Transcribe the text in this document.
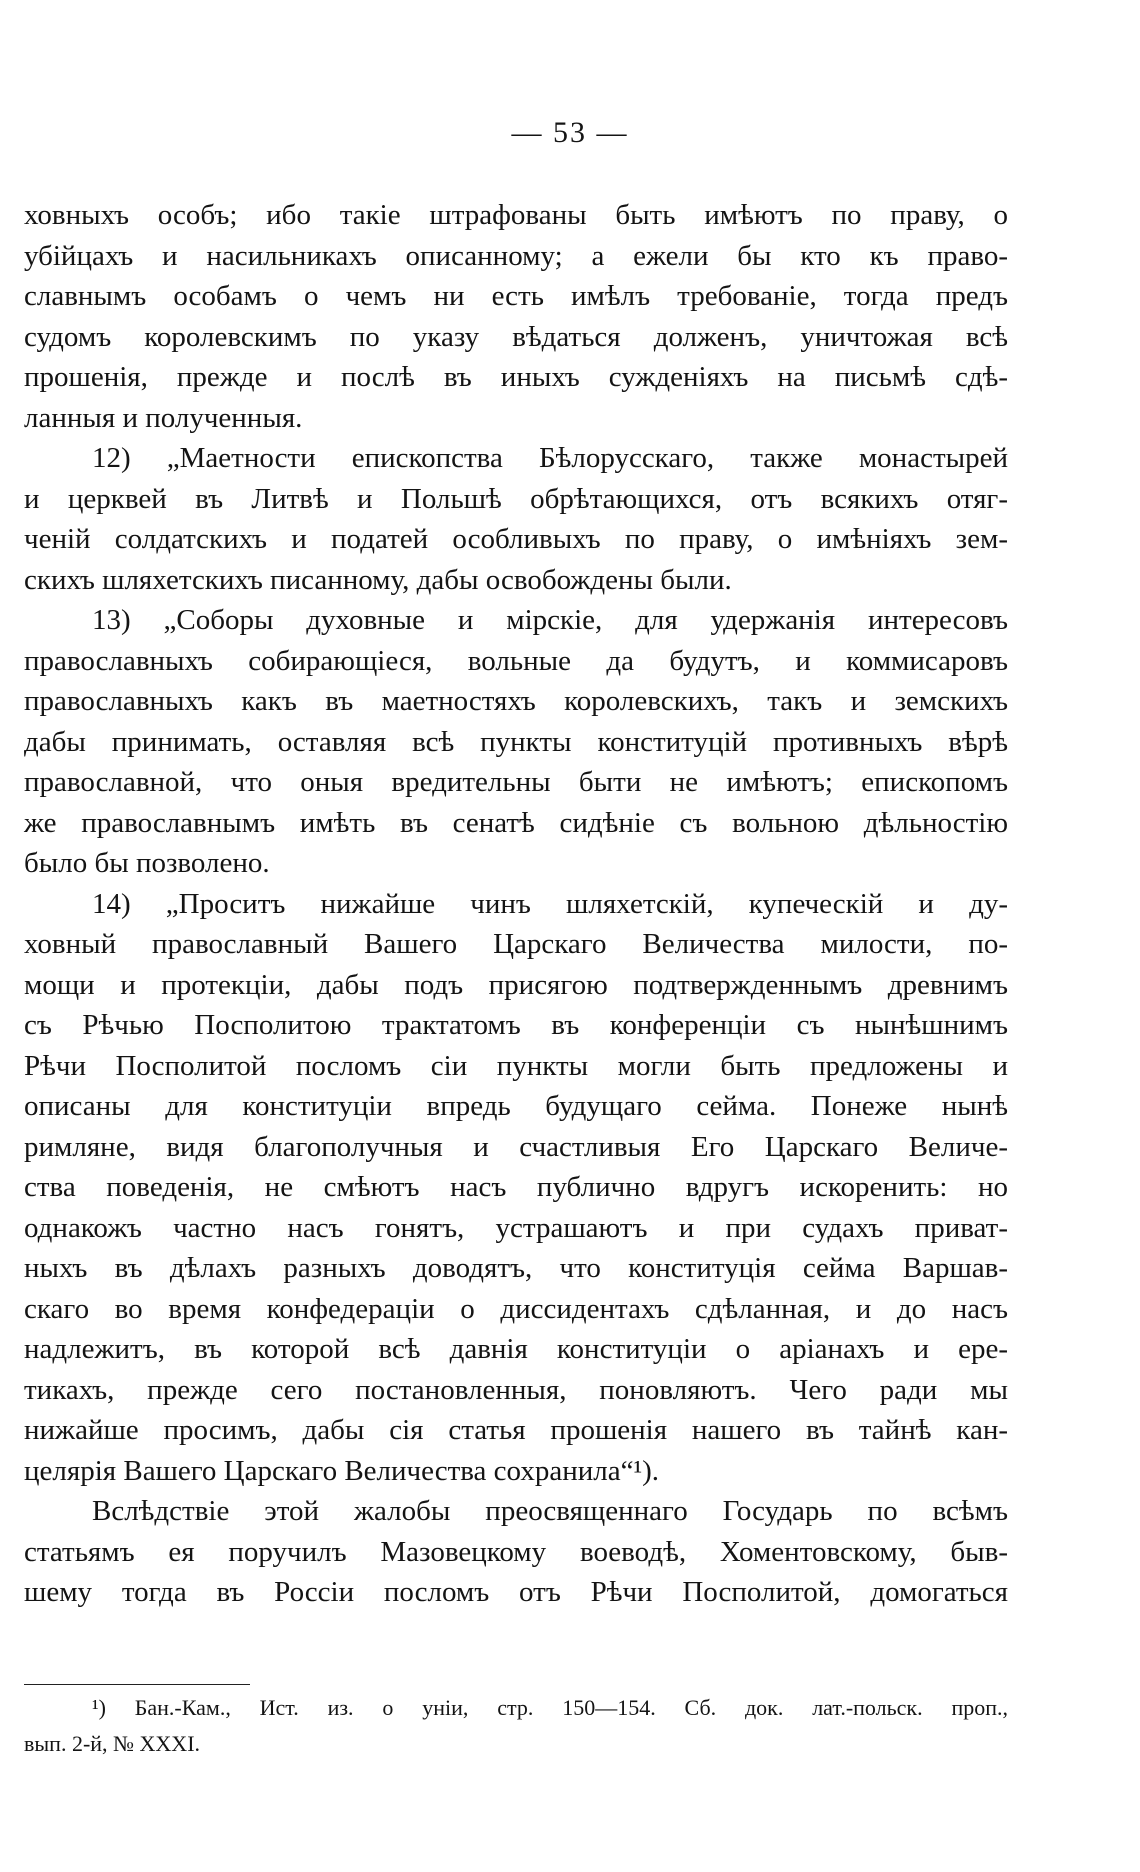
— 53 —
ховныхъ особъ; ибо такіе штрафованы быть имѣютъ по праву, о
убійцахъ и насильникахъ описанному; а ежели бы кто къ право-
славнымъ особамъ о чемъ ни есть имѣлъ требованіе, тогда предъ
судомъ королевскимъ по указу вѣдаться долженъ, уничтожая всѣ
прошенія, прежде и послѣ въ иныхъ сужденіяхъ на письмѣ сдѣ-
ланныя и полученныя.
12) „Маетности епископства Бѣлорусскаго, также монастырей
и церквей въ Литвѣ и Польшѣ обрѣтающихся, отъ всякихъ отяг-
ченій солдатскихъ и податей особливыхъ по праву, о имѣніяхъ зем-
скихъ шляхетскихъ писанному, дабы освобождены были.
13) „Соборы духовные и мірскіе, для удержанія интересовъ
православныхъ собирающіеся, вольные да будутъ, и коммисаровъ
православныхъ какъ въ маетностяхъ королевскихъ, такъ и земскихъ
дабы принимать, оставляя всѣ пункты конституцій противныхъ вѣрѣ
православной, что оныя вредительны быти не имѣютъ; епископомъ
же православнымъ имѣть въ сенатѣ сидѣніе съ вольною дѣльностію
было бы позволено.
14) „Проситъ нижайше чинъ шляхетскій, купеческій и ду-
ховный православный Вашего Царскаго Величества милости, по-
мощи и протекціи, дабы подъ присягою подтвержденнымъ древнимъ
съ Рѣчью Посполитою трактатомъ въ конференціи съ нынѣшнимъ
Рѣчи Посполитой посломъ сіи пункты могли быть предложены и
описаны для конституціи впредь будущаго сейма. Понеже нынѣ
римляне, видя благополучныя и счастливыя Его Царскаго Величе-
ства поведенія, не смѣютъ насъ публично вдругъ искоренить: но
однакожъ частно насъ гонятъ, устрашаютъ и при судахъ приват-
ныхъ въ дѣлахъ разныхъ доводятъ, что конституція сейма Варшав-
скаго во время конфедераціи о диссидентахъ сдѣланная, и до насъ
надлежитъ, въ которой всѣ давнія конституціи о аріанахъ и ере-
тикахъ, прежде сего постановленныя, поновляютъ. Чего ради мы
нижайше просимъ, дабы сія статья прошенія нашего въ тайнѣ кан-
целярія Вашего Царскаго Величества сохранила“¹).
Вслѣдствіе этой жалобы преосвященнаго Государь по всѣмъ
статьямъ ея поручилъ Мазовецкому воеводѣ, Хоментовскому, быв-
шему тогда въ Россіи посломъ отъ Рѣчи Посполитой, домогаться
¹) Бан.-Кам., Ист. из. о уніи, стр. 150—154. Сб. док. лат.-польск. проп.,
вып. 2-й, № XXXI.
